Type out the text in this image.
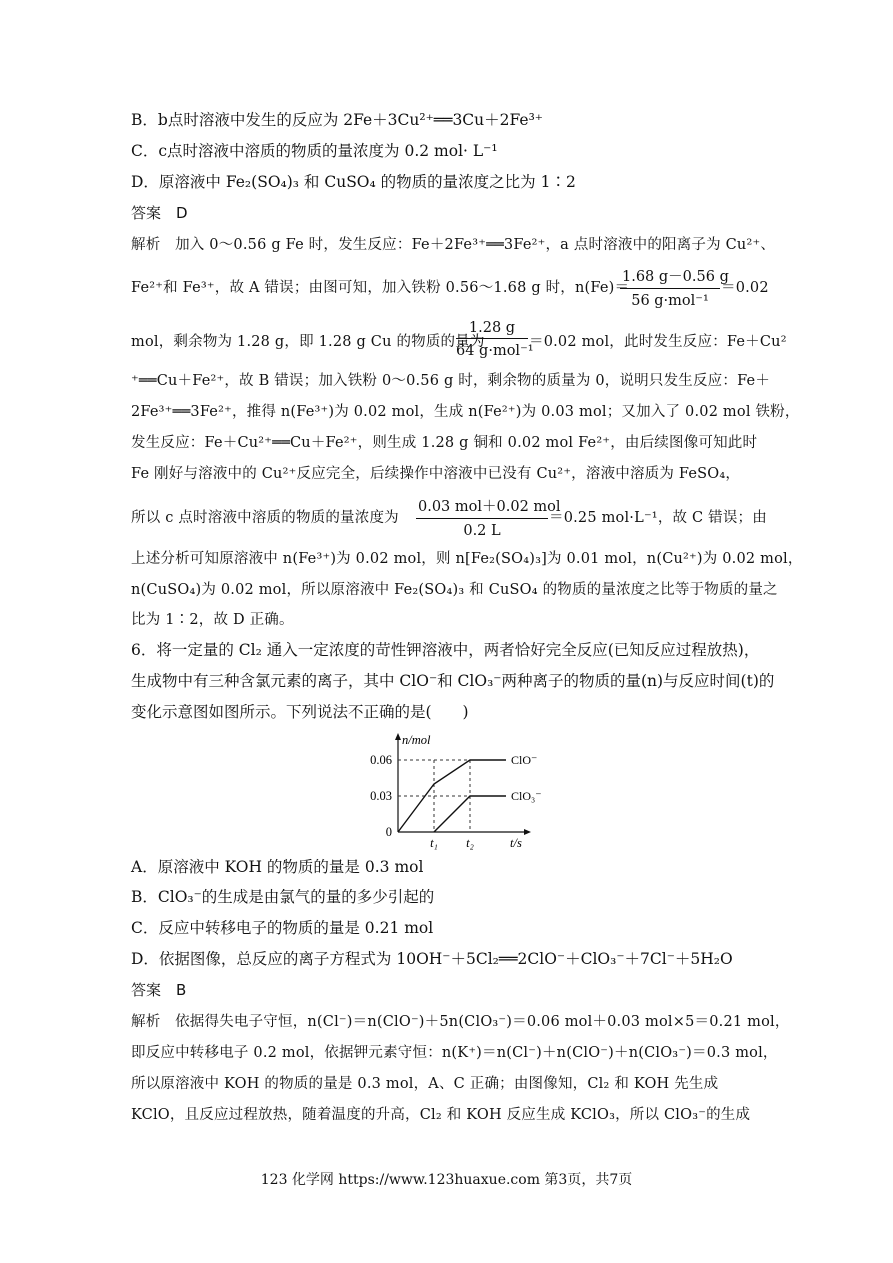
B．b点时溶液中发生的反应为 2Fe＋3Cu²⁺══3Cu＋2Fe³⁺
C．c点时溶液中溶质的物质的量浓度为 0.2 mol· L⁻¹
D．原溶液中 Fe₂(SO₄)₃ 和 CuSO₄ 的物质的量浓度之比为 1∶2
答案　D
解析　加入 0～0.56 g Fe 时，发生反应：Fe＋2Fe³⁺══3Fe²⁺，a 点时溶液中的阳离子为 Cu²⁺、
Fe²⁺和 Fe³⁺，故 A 错误；由图可知，加入铁粉 0.56～1.68 g 时，n(Fe)＝
1.68 g－0.56 g
56 g·mol⁻¹
＝0.02
mol，剩余物为 1.28 g，即 1.28 g Cu 的物质的量为
1.28 g
64 g·mol⁻¹
＝0.02 mol，此时发生反应：Fe＋Cu²
⁺══Cu＋Fe²⁺，故 B 错误；加入铁粉 0～0.56 g 时，剩余物的质量为 0，说明只发生反应：Fe＋
2Fe³⁺══3Fe²⁺，推得 n(Fe³⁺)为 0.02 mol，生成 n(Fe²⁺)为 0.03 mol；又加入了 0.02 mol 铁粉，
发生反应：Fe＋Cu²⁺══Cu＋Fe²⁺，则生成 1.28 g 铜和 0.02 mol Fe²⁺，由后续图像可知此时
Fe 刚好与溶液中的 Cu²⁺反应完全，后续操作中溶液中已没有 Cu²⁺，溶液中溶质为 FeSO₄，
所以 c 点时溶液中溶质的物质的量浓度为
0.03 mol＋0.02 mol
0.2 L
＝0.25 mol·L⁻¹，故 C 错误；由
上述分析可知原溶液中 n(Fe³⁺)为 0.02 mol，则 n[Fe₂(SO₄)₃]为 0.01 mol，n(Cu²⁺)为 0.02 mol，
n(CuSO₄)为 0.02 mol，所以原溶液中 Fe₂(SO₄)₃ 和 CuSO₄ 的物质的量浓度之比等于物质的量之
比为 1∶2，故 D 正确。
6．将一定量的 Cl₂ 通入一定浓度的苛性钾溶液中，两者恰好完全反应(已知反应过程放热)，
生成物中有三种含氯元素的离子，其中 ClO⁻和 ClO₃⁻两种离子的物质的量(n)与反应时间(t)的
变化示意图如图所示。下列说法不正确的是(　　)
n/mol
t/s
0.06
0.03
0
t₁ t₂
ClO⁻
ClO₃⁻
A．原溶液中 KOH 的物质的量是 0.3 mol
B．ClO₃⁻的生成是由氯气的量的多少引起的
C．反应中转移电子的物质的量是 0.21 mol
D．依据图像，总反应的离子方程式为 10OH⁻＋5Cl₂══2ClO⁻＋ClO₃⁻＋7Cl⁻＋5H₂O
答案　B
解析　依据得失电子守恒，n(Cl⁻)＝n(ClO⁻)＋5n(ClO₃⁻)＝0.06 mol＋0.03 mol×5＝0.21 mol，
即反应中转移电子 0.2 mol，依据钾元素守恒：n(K⁺)＝n(Cl⁻)＋n(ClO⁻)＋n(ClO₃⁻)＝0.3 mol，
所以原溶液中 KOH 的物质的量是 0.3 mol，A、C 正确；由图像知，Cl₂ 和 KOH 先生成
KClO，且反应过程放热，随着温度的升高，Cl₂ 和 KOH 反应生成 KClO₃，所以 ClO₃⁻的生成
123 化学网 https://www.123huaxue.com 第3页，共7页
